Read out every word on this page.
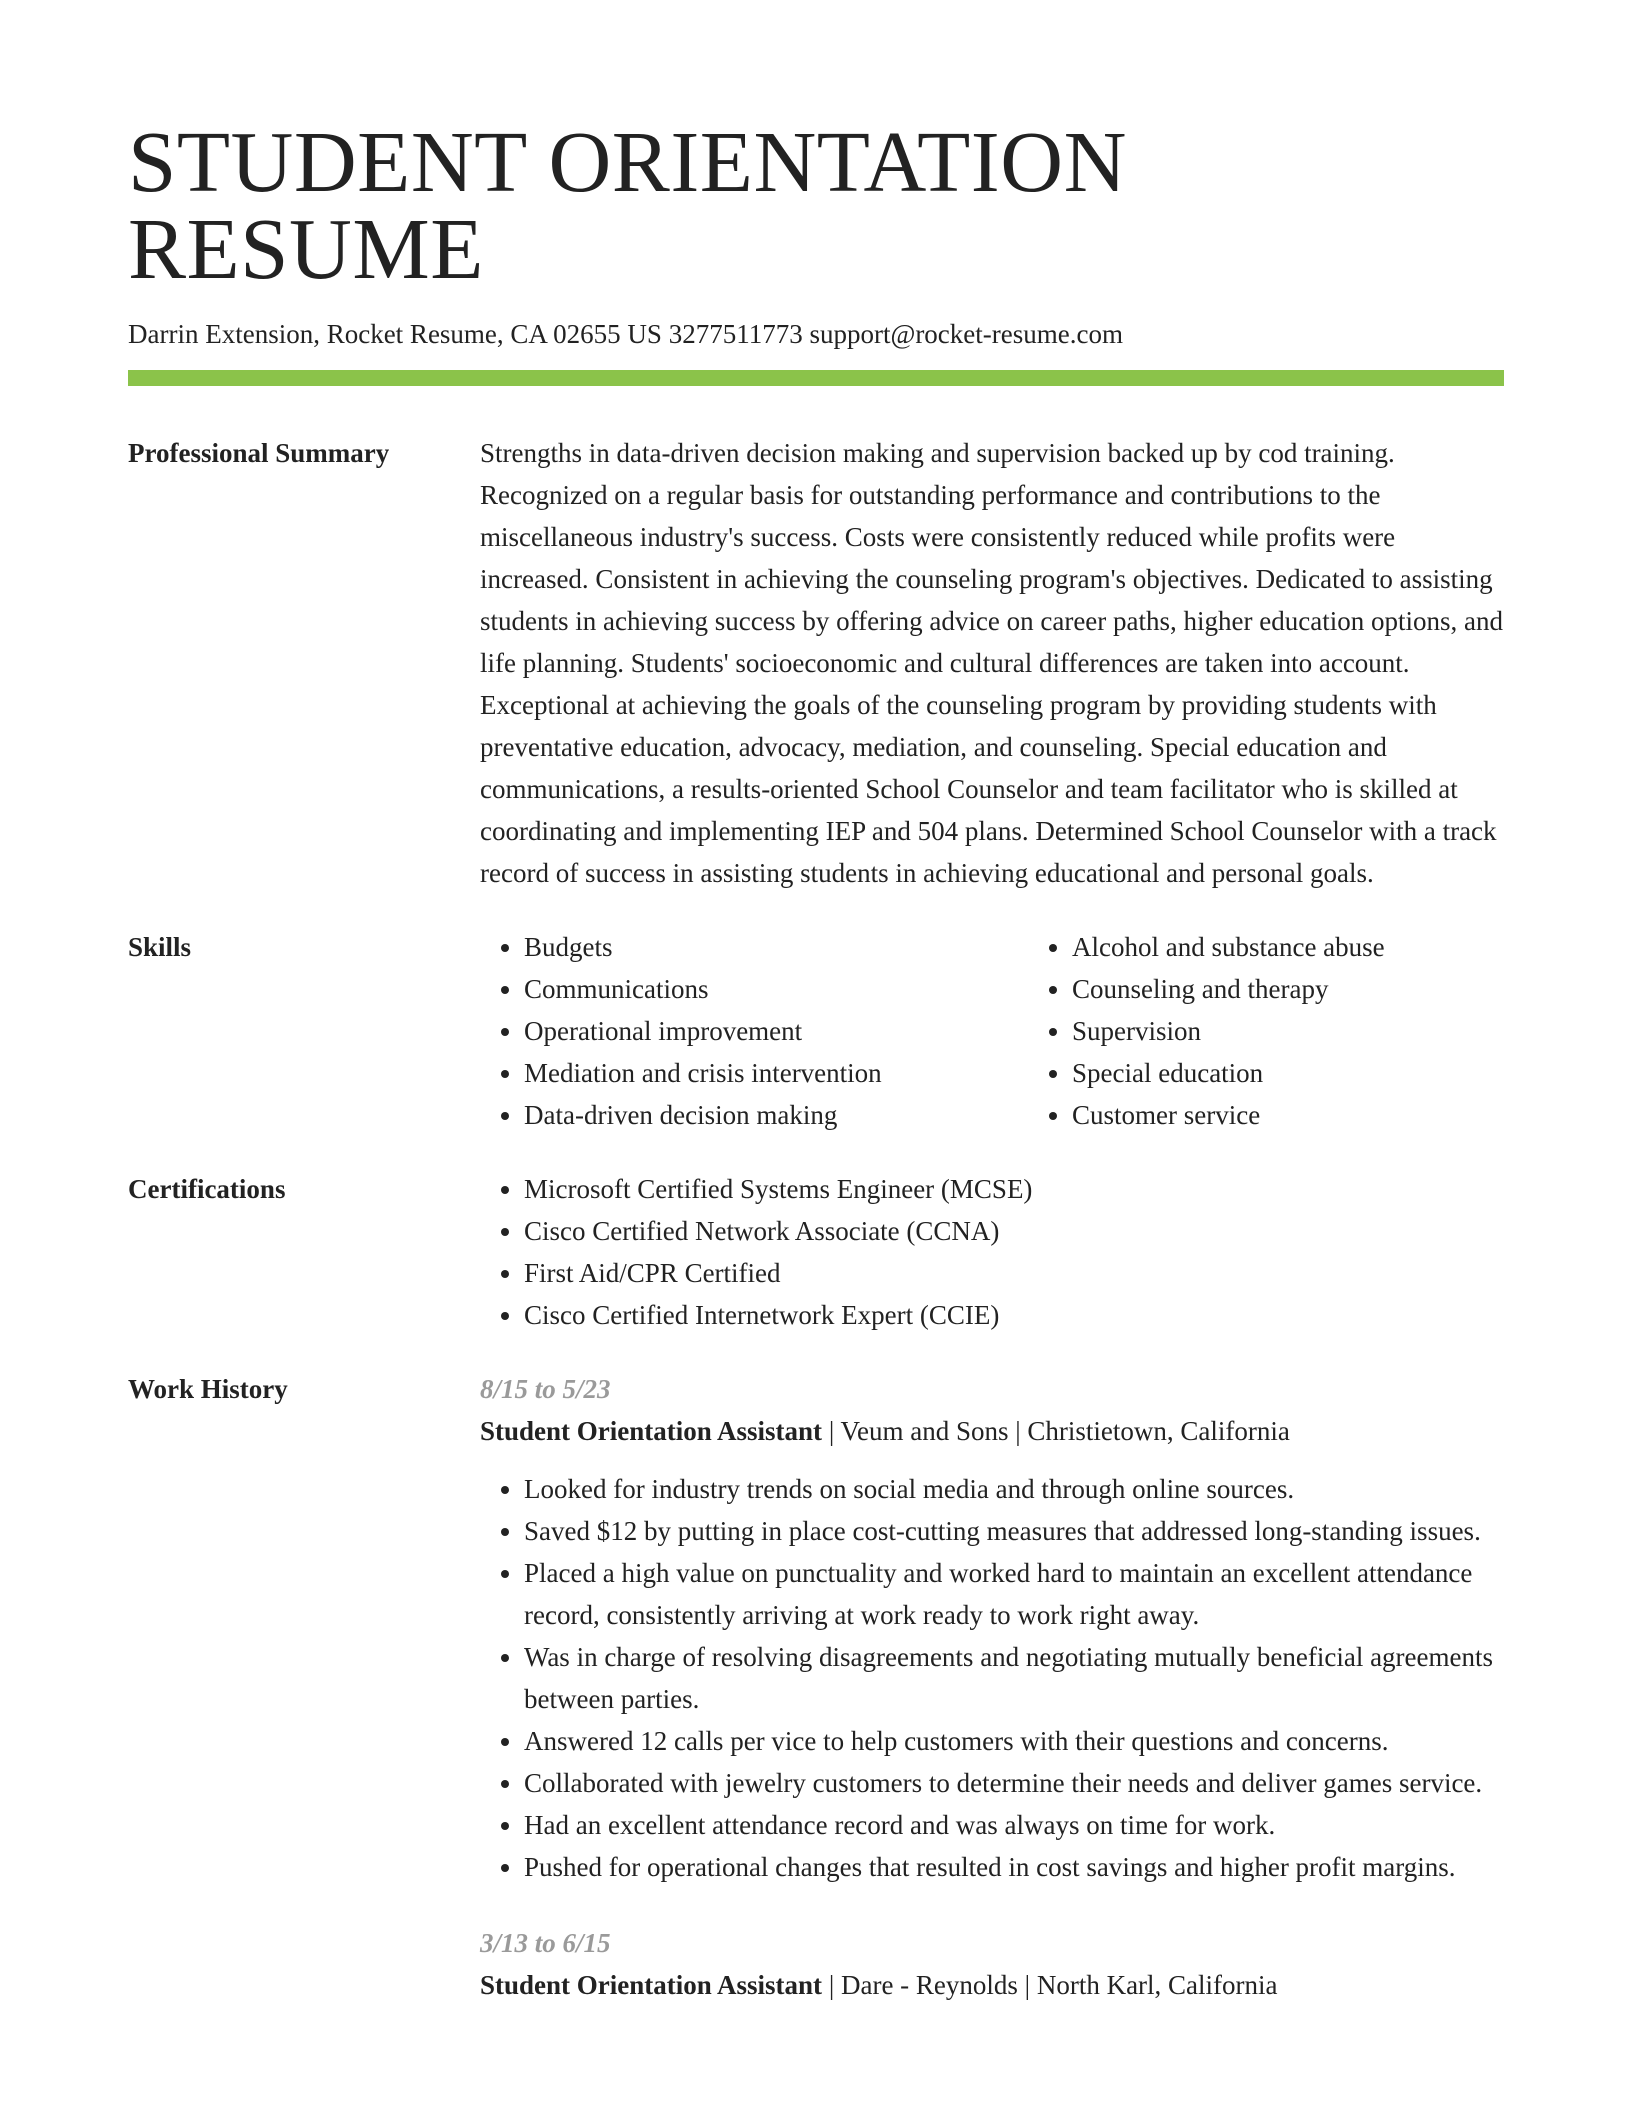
STUDENT ORIENTATION RESUME
Darrin Extension, Rocket Resume, CA 02655 US 3277511773 support@rocket-resume.com
Professional Summary	Strengths in data-driven decision making and supervision backed up by cod training. Recognized on a regular basis for outstanding performance and contributions to the miscellaneous industry's success. Costs were consistently reduced while profits were increased. Consistent in achieving the counseling program's objectives. Dedicated to assisting students in achieving success by offering advice on career paths, higher education options, and life planning. Students' socioeconomic and cultural differences are taken into account. Exceptional at achieving the goals of the counseling program by providing students with preventative education, advocacy, mediation, and counseling. Special education and communications, a results-oriented School Counselor and team facilitator who is skilled at coordinating and implementing IEP and 504 plans. Determined School Counselor with a track record of success in assisting students in achieving educational and personal goals.

Skills	• Budgets
• Communications
• Operational improvement
• Mediation and crisis intervention
• Data-driven decision making
• Alcohol and substance abuse
• Counseling and therapy
• Supervision
• Special education
• Customer service
Certifications	• Microsoft Certified Systems Engineer (MCSE)
• Cisco Certified Network Associate (CCNA)
• First Aid/CPR Certified
• Cisco Certified Internetwork Expert (CCIE)
Work History	8/15 to 5/23
Student Orientation Assistant | Veum and Sons | Christietown, California
• Looked for industry trends on social media and through online sources.
• Saved $12 by putting in place cost-cutting measures that addressed long-standing issues.
• Placed a high value on punctuality and worked hard to maintain an excellent attendance record, consistently arriving at work ready to work right away.
• Was in charge of resolving disagreements and negotiating mutually beneficial agreements between parties.
• Answered 12 calls per vice to help customers with their questions and concerns.
• Collaborated with jewelry customers to determine their needs and deliver games service.
• Had an excellent attendance record and was always on time for work.
• Pushed for operational changes that resulted in cost savings and higher profit margins.
3/13 to 6/15
Student Orientation Assistant | Dare - Reynolds | North Karl, California
